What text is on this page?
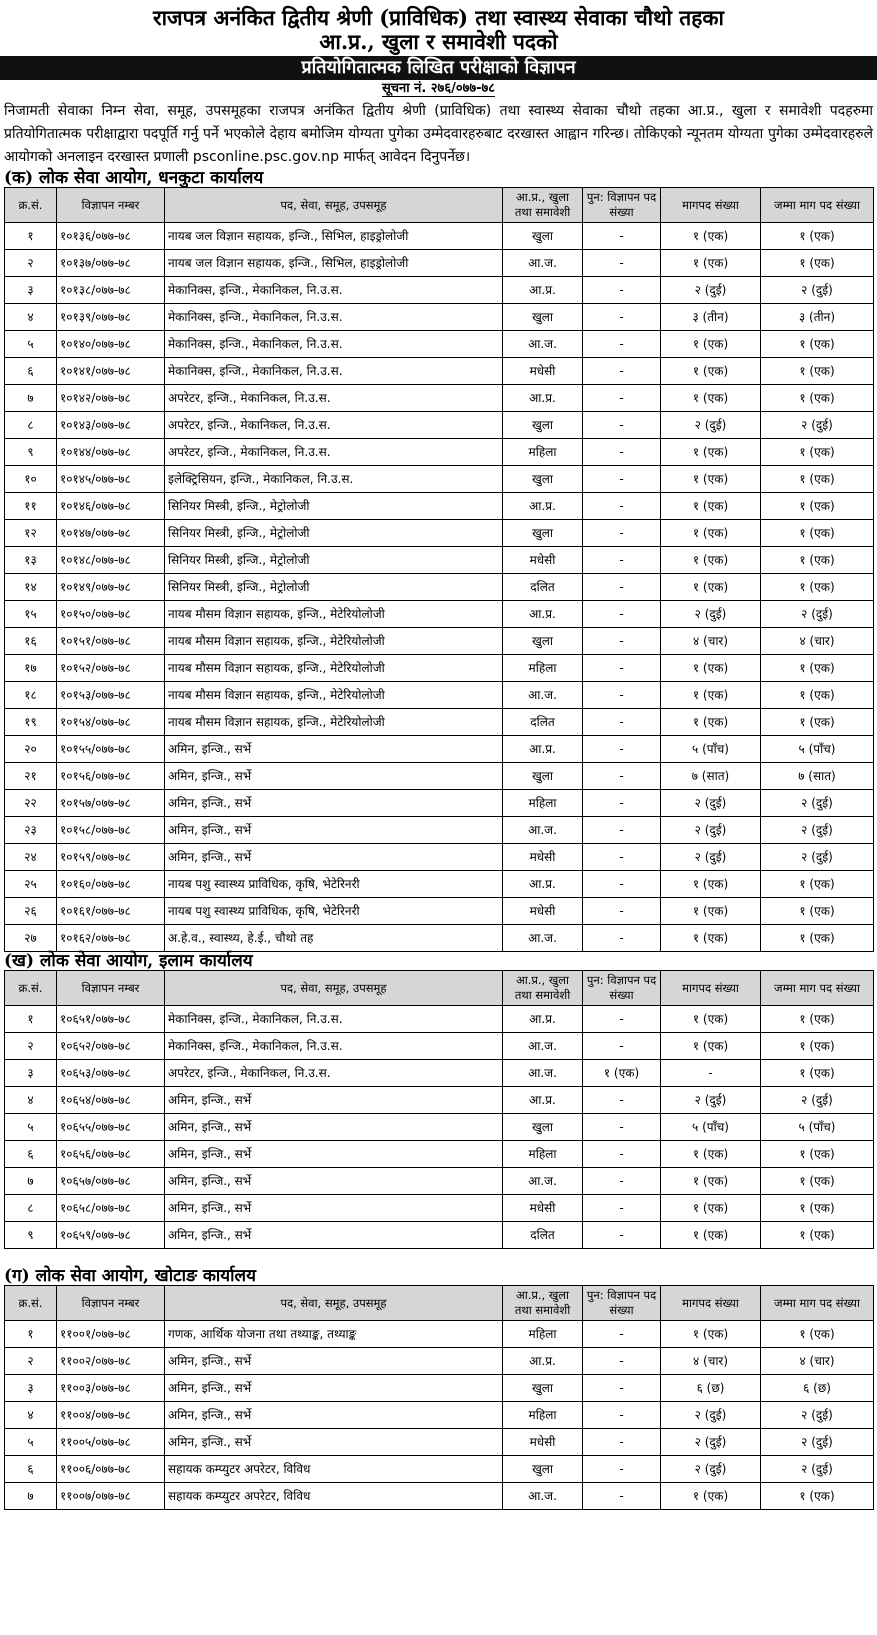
राजपत्र अनंकित द्वितीय श्रेणी (प्राविधिक) तथा स्वास्थ्य सेवाका चौथो तहका
आ.प्र., खुला र समावेशी पदको
प्रतियोगितात्मक लिखित परीक्षाको विज्ञापन
सूचना नं. २७६/०७७-७८
निजामती सेवाका निम्न सेवा, समूह, उपसमूहका राजपत्र अनंकित द्वितीय श्रेणी (प्राविधिक) तथा स्वास्थ्य सेवाका चौथो तहका आ.प्र., खुला र समावेशी पदहरुमा प्रतियोगितात्मक परीक्षाद्वारा पदपूर्ति गर्नु पर्ने भएकोले देहाय बमोजिम योग्यता पुगेका उम्मेदवारहरुबाट दरखास्त आह्वान गरिन्छ। तोकिएको न्यूनतम योग्यता पुगेका उम्मेदवारहरुले आयोगको अनलाइन दरखास्त प्रणाली psconline.psc.gov.np मार्फत् आवेदन दिनुपर्नेछ।
(क) लोक सेवा आयोग, धनकुटा कार्यालय
क्र.सं.	विज्ञापन नम्बर	पद, सेवा, समूह, उपसमूह	आ.प्र., खुला तथा समावेशी	पुन: विज्ञापन पद संख्या	मागपद संख्या	जम्मा माग पद संख्या
१	१०१३६/०७७-७८	नायब जल विज्ञान सहायक, इन्जि., सिभिल, हाइड्रोलोजी	खुला	-	१ (एक)	१ (एक)
२	१०१३७/०७७-७८	नायब जल विज्ञान सहायक, इन्जि., सिभिल, हाइड्रोलोजी	आ.ज.	-	१ (एक)	१ (एक)
३	१०१३८/०७७-७८	मेकानिक्स, इन्जि., मेकानिकल, नि.उ.स.	आ.प्र.	-	२ (दुई)	२ (दुई)
४	१०१३९/०७७-७८	मेकानिक्स, इन्जि., मेकानिकल, नि.उ.स.	खुला	-	३ (तीन)	३ (तीन)
५	१०१४०/०७७-७८	मेकानिक्स, इन्जि., मेकानिकल, नि.उ.स.	आ.ज.	-	१ (एक)	१ (एक)
६	१०१४१/०७७-७८	मेकानिक्स, इन्जि., मेकानिकल, नि.उ.स.	मधेसी	-	१ (एक)	१ (एक)
७	१०१४२/०७७-७८	अपरेटर, इन्जि., मेकानिकल, नि.उ.स.	आ.प्र.	-	१ (एक)	१ (एक)
८	१०१४३/०७७-७८	अपरेटर, इन्जि., मेकानिकल, नि.उ.स.	खुला	-	२ (दुई)	२ (दुई)
९	१०१४४/०७७-७८	अपरेटर, इन्जि., मेकानिकल, नि.उ.स.	महिला	-	१ (एक)	१ (एक)
१०	१०१४५/०७७-७८	इलेक्ट्रिसियन, इन्जि., मेकानिकल, नि.उ.स.	खुला	-	१ (एक)	१ (एक)
११	१०१४६/०७७-७८	सिनियर मिस्त्री, इन्जि., मेट्रोलोजी	आ.प्र.	-	१ (एक)	१ (एक)
१२	१०१४७/०७७-७८	सिनियर मिस्त्री, इन्जि., मेट्रोलोजी	खुला	-	१ (एक)	१ (एक)
१३	१०१४८/०७७-७८	सिनियर मिस्त्री, इन्जि., मेट्रोलोजी	मधेसी	-	१ (एक)	१ (एक)
१४	१०१४९/०७७-७८	सिनियर मिस्त्री, इन्जि., मेट्रोलोजी	दलित	-	१ (एक)	१ (एक)
१५	१०१५०/०७७-७८	नायब मौसम विज्ञान सहायक, इन्जि., मेटेरियोलोजी	आ.प्र.	-	२ (दुई)	२ (दुई)
१६	१०१५१/०७७-७८	नायब मौसम विज्ञान सहायक, इन्जि., मेटेरियोलोजी	खुला	-	४ (चार)	४ (चार)
१७	१०१५२/०७७-७८	नायब मौसम विज्ञान सहायक, इन्जि., मेटेरियोलोजी	महिला	-	१ (एक)	१ (एक)
१८	१०१५३/०७७-७८	नायब मौसम विज्ञान सहायक, इन्जि., मेटेरियोलोजी	आ.ज.	-	१ (एक)	१ (एक)
१९	१०१५४/०७७-७८	नायब मौसम विज्ञान सहायक, इन्जि., मेटेरियोलोजी	दलित	-	१ (एक)	१ (एक)
२०	१०१५५/०७७-७८	अमिन, इन्जि., सर्भे	आ.प्र.	-	५ (पाँच)	५ (पाँच)
२१	१०१५६/०७७-७८	अमिन, इन्जि., सर्भे	खुला	-	७ (सात)	७ (सात)
२२	१०१५७/०७७-७८	अमिन, इन्जि., सर्भे	महिला	-	२ (दुई)	२ (दुई)
२३	१०१५८/०७७-७८	अमिन, इन्जि., सर्भे	आ.ज.	-	२ (दुई)	२ (दुई)
२४	१०१५९/०७७-७८	अमिन, इन्जि., सर्भे	मधेसी	-	२ (दुई)	२ (दुई)
२५	१०१६०/०७७-७८	नायब पशु स्वास्थ्य प्राविधिक, कृषि, भेटेरिनरी	आ.प्र.	-	१ (एक)	१ (एक)
२६	१०१६१/०७७-७८	नायब पशु स्वास्थ्य प्राविधिक, कृषि, भेटेरिनरी	मधेसी	-	१ (एक)	१ (एक)
२७	१०१६२/०७७-७८	अ.हे.व., स्वास्थ्य, हे.ई., चौथो तह	आ.ज.	-	१ (एक)	१ (एक)
(ख) लोक सेवा आयोग, इलाम कार्यालय
क्र.सं.	विज्ञापन नम्बर	पद, सेवा, समूह, उपसमूह	आ.प्र., खुला तथा समावेशी	पुन: विज्ञापन पद संख्या	मागपद संख्या	जम्मा माग पद संख्या
१	१०६५१/०७७-७८	मेकानिक्स, इन्जि., मेकानिकल, नि.उ.स.	आ.प्र.	-	१ (एक)	१ (एक)
२	१०६५२/०७७-७८	मेकानिक्स, इन्जि., मेकानिकल, नि.उ.स.	आ.ज.	-	१ (एक)	१ (एक)
३	१०६५३/०७७-७८	अपरेटर, इन्जि., मेकानिकल, नि.उ.स.	आ.ज.	१ (एक)	-	१ (एक)
४	१०६५४/०७७-७८	अमिन, इन्जि., सर्भे	आ.प्र.	-	२ (दुई)	२ (दुई)
५	१०६५५/०७७-७८	अमिन, इन्जि., सर्भे	खुला	-	५ (पाँच)	५ (पाँच)
६	१०६५६/०७७-७८	अमिन, इन्जि., सर्भे	महिला	-	१ (एक)	१ (एक)
७	१०६५७/०७७-७८	अमिन, इन्जि., सर्भे	आ.ज.	-	१ (एक)	१ (एक)
८	१०६५८/०७७-७८	अमिन, इन्जि., सर्भे	मधेसी	-	१ (एक)	१ (एक)
९	१०६५९/०७७-७८	अमिन, इन्जि., सर्भे	दलित	-	१ (एक)	१ (एक)
(ग) लोक सेवा आयोग, खोटाङ कार्यालय
क्र.सं.	विज्ञापन नम्बर	पद, सेवा, समूह, उपसमूह	आ.प्र., खुला तथा समावेशी	पुन: विज्ञापन पद संख्या	मागपद संख्या	जम्मा माग पद संख्या
१	११००१/०७७-७८	गणक, आर्थिक योजना तथा तथ्याङ्क, तथ्याङ्क	महिला	-	१ (एक)	१ (एक)
२	११००२/०७७-७८	अमिन, इन्जि., सर्भे	आ.प्र.	-	४ (चार)	४ (चार)
३	११००३/०७७-७८	अमिन, इन्जि., सर्भे	खुला	-	६ (छ)	६ (छ)
४	११००४/०७७-७८	अमिन, इन्जि., सर्भे	महिला	-	२ (दुई)	२ (दुई)
५	११००५/०७७-७८	अमिन, इन्जि., सर्भे	मधेसी	-	२ (दुई)	२ (दुई)
६	११००६/०७७-७८	सहायक कम्प्युटर अपरेटर, विविध	खुला	-	२ (दुई)	२ (दुई)
७	११००७/०७७-७८	सहायक कम्प्युटर अपरेटर, विविध	आ.ज.	-	१ (एक)	१ (एक)
